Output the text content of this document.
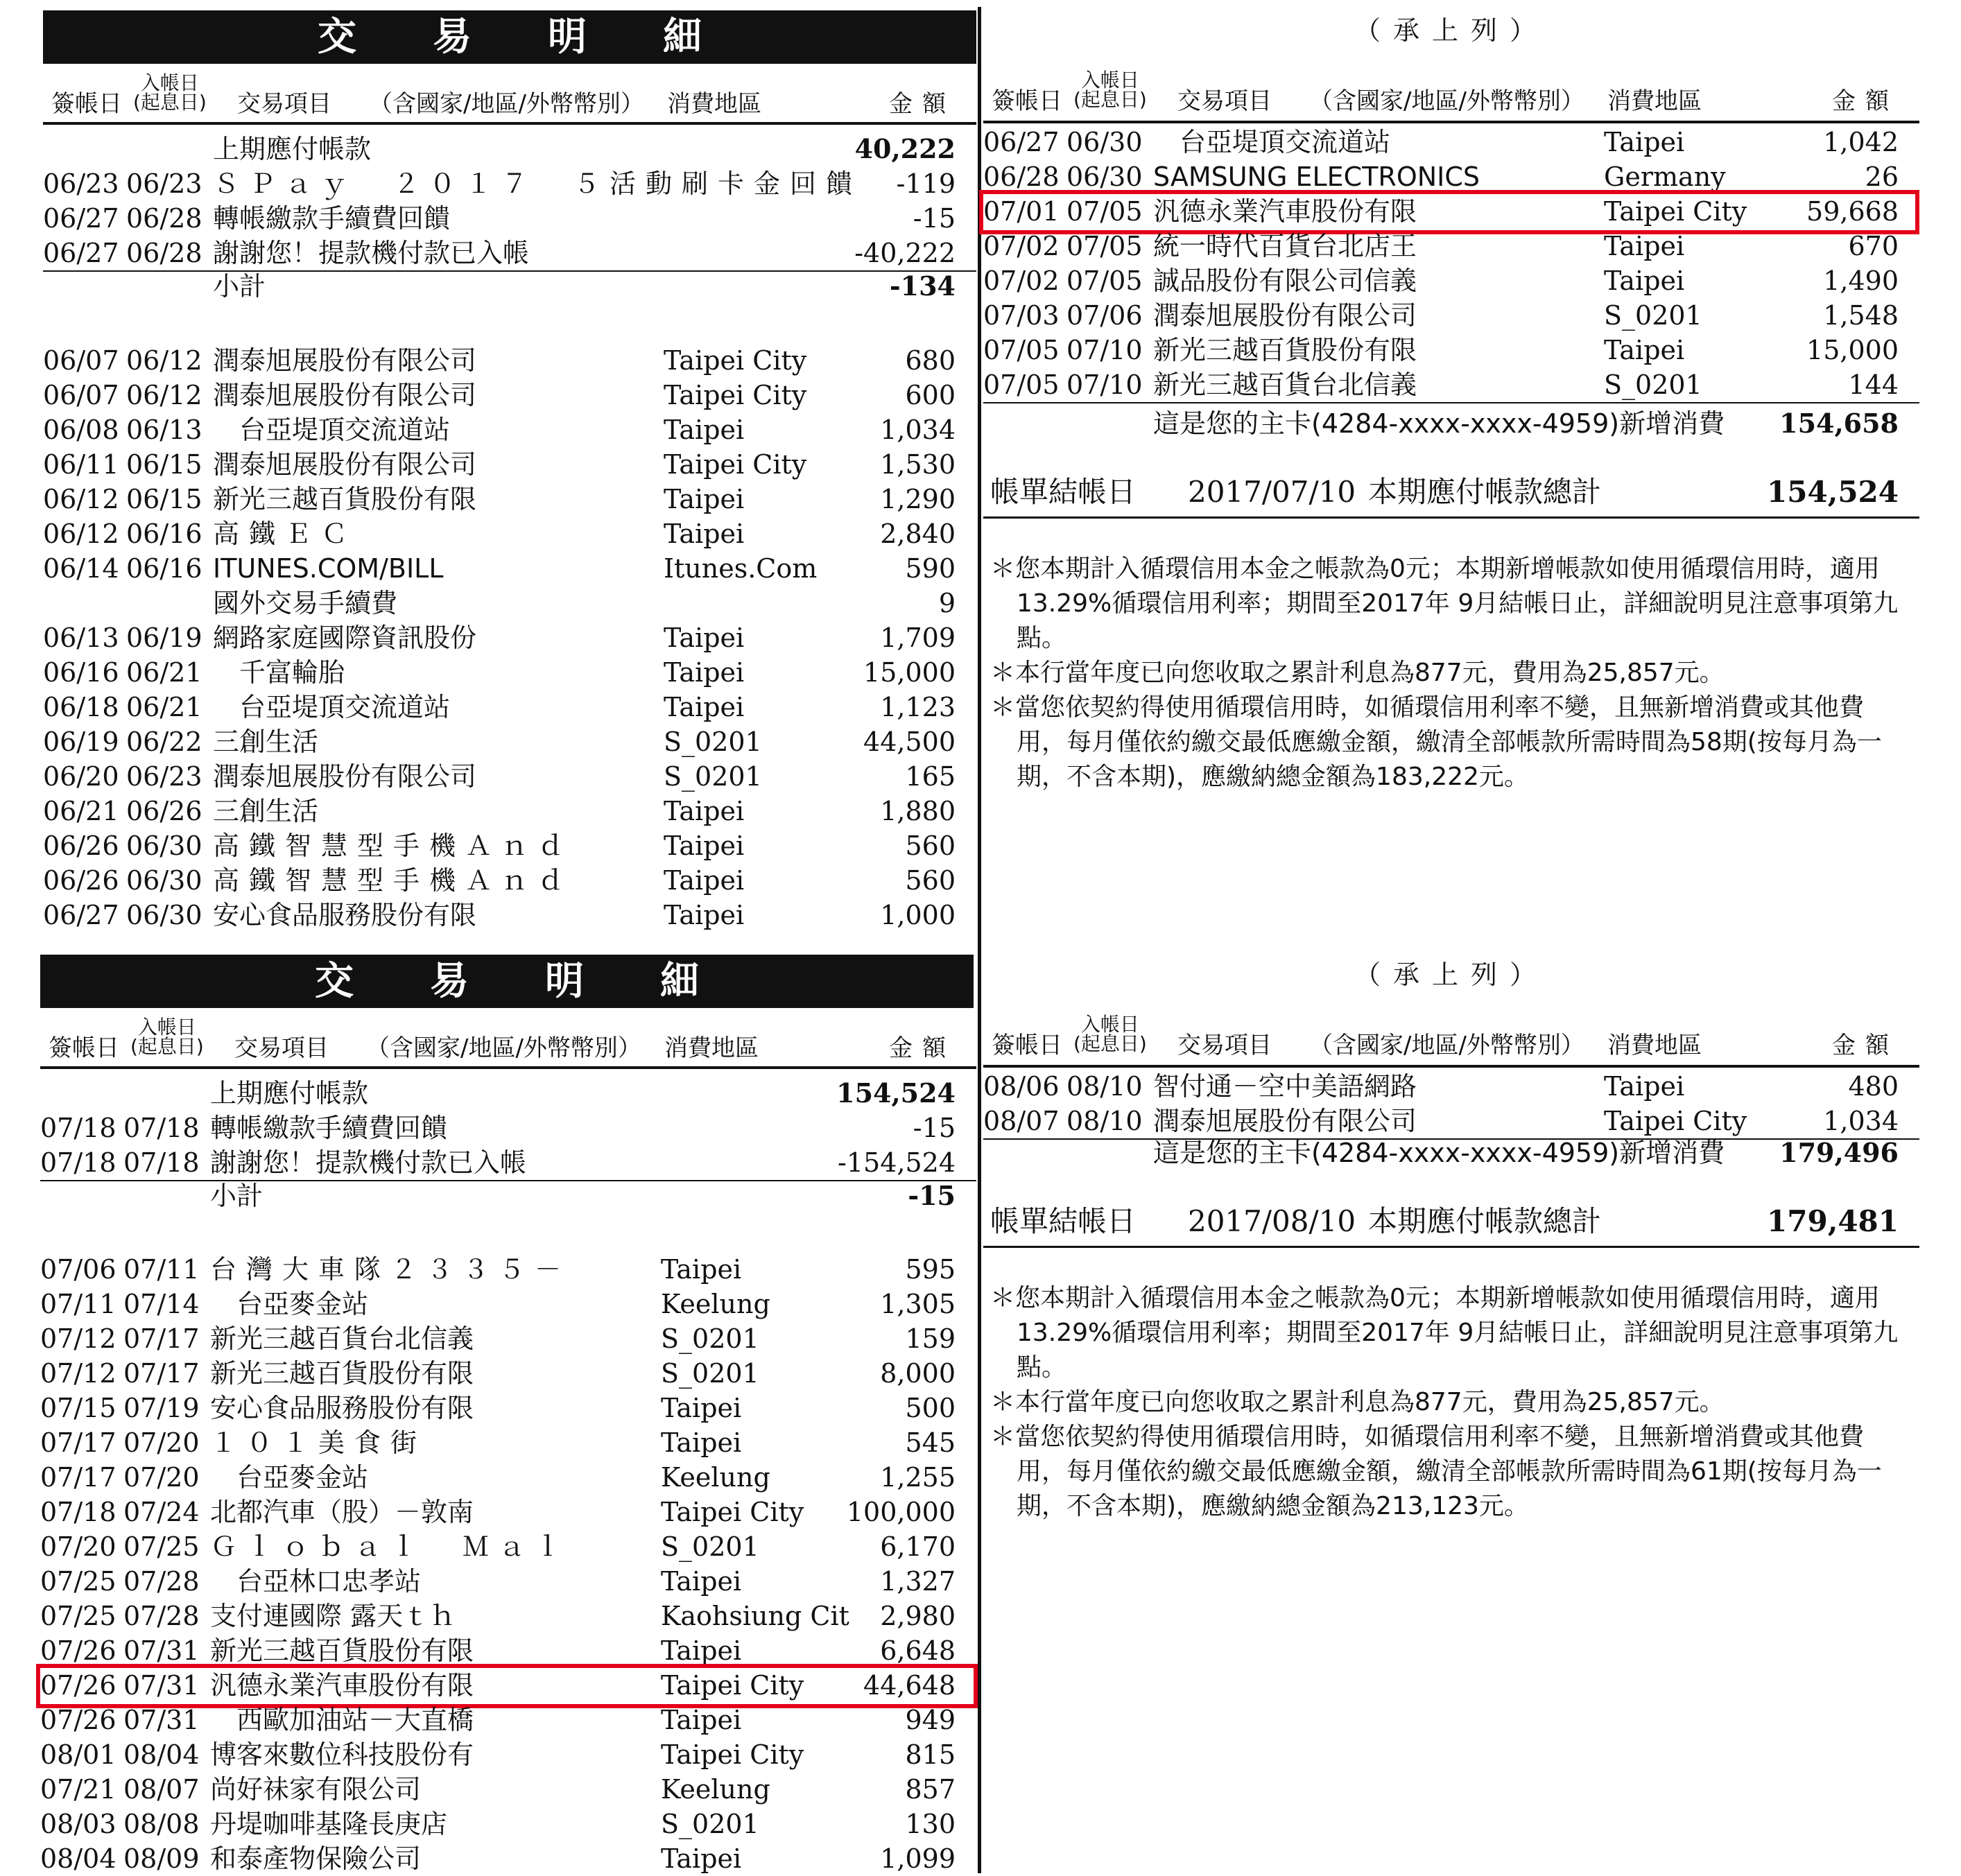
交易明細
簽帳日
入帳日
(起息日) 交易項目 （含國家/地區/外幣幣別） 消費地區	金額
上期應付帳款	40,222
06/23 06/23 ＳＰａｙ　２０１７　５活動刷卡金回饋 -119
06/27 06/28 轉帳繳款手續費回饋	-15
06/27 06/28 謝謝您！提款機付款已入帳	-40,222
小計	-134
06/07 06/12 潤泰旭展股份有限公司	Taipei City	680
06/07 06/12 潤泰旭展股份有限公司	Taipei City	600
06/08 06/13 　台亞堤頂交流道站	Taipei	1,034
06/11 06/15 潤泰旭展股份有限公司	Taipei City	1,530
06/12 06/15 新光三越百貨股份有限	Taipei	1,290
06/12 06/16 高鐵ＥＣ	Taipei	2,840
06/14 06/16 ITUNES.COM/BILL	Itunes.Com	590
國外交易手續費	9
06/13 06/19 網路家庭國際資訊股份	Taipei	1,709
06/16 06/21 　千富輪胎	Taipei	15,000
06/18 06/21 　台亞堤頂交流道站	Taipei	1,123
06/19 06/22 三創生活	S_0201	44,500
06/20 06/23 潤泰旭展股份有限公司	S_0201	165
06/21 06/26 三創生活	Taipei	1,880
06/26 06/30 高鐵智慧型手機Ａｎｄ	Taipei	560
06/26 06/30 高鐵智慧型手機Ａｎｄ	Taipei	560
06/27 06/30 安心食品服務股份有限	Taipei	1,000
（承上列）
簽帳日
入帳日
(起息日) 交易項目 （含國家/地區/外幣幣別） 消費地區	金額
06/27 06/30 　台亞堤頂交流道站	Taipei	1,042
06/28 06/30 SAMSUNG ELECTRONICS	Germany	26
07/01 07/05 汎德永業汽車股份有限	Taipei City 59,668
07/02 07/05 統一時代百貨台北店王	Taipei	670
07/02 07/05 誠品股份有限公司信義	Taipei	1,490
07/03 07/06 潤泰旭展股份有限公司	S_0201	1,548
07/05 07/10 新光三越百貨股份有限	Taipei	15,000
07/05 07/10 新光三越百貨台北信義	S_0201	144
這是您的主卡(4284-xxxx-xxxx-4959)新增消費 154,658
帳單結帳日 2017/07/10 本期應付帳款總計	154,524

＊您本期計入循環信用本金之帳款為0元；本期新增帳款如使用循環信用時，適用13.29%循環信用利率；期間至2017年 9月結帳日止，詳細說明見注意事項第九點。

＊本行當年度已向您收取之累計利息為877元，費用為25,857元。

＊當您依契約得使用循環信用時，如循環信用利率不變，且無新增消費或其他費用，每月僅依約繳交最低應繳金額，繳清全部帳款所需時間為58期(按每月為一期，不含本期)，應繳納總金額為183,222元。

交易明細
簽帳日
入帳日
(起息日) 交易項目 （含國家/地區/外幣幣別） 消費地區	金額
上期應付帳款	154,524
07/18 07/18 轉帳繳款手續費回饋	-15
07/18 07/18 謝謝您！提款機付款已入帳	-154,524
小計	-15
07/06 07/11 台灣大車隊２３３５－	Taipei	595
07/11 07/14 　台亞麥金站	Keelung	1,305
07/12 07/17 新光三越百貨台北信義	S_0201	159
07/12 07/17 新光三越百貨股份有限	S_0201	8,000
07/15 07/19 安心食品服務股份有限	Taipei	500
07/17 07/20 １０１美食街	Taipei	545
07/17 07/20 　台亞麥金站	Keelung	1,255
07/18 07/24 北都汽車（股）－敦南	Taipei City 100,000
07/20 07/25 Ｇｌｏｂａｌ　Ｍａｌ	S_0201	6,170
07/25 07/28 　台亞林口忠孝站	Taipei	1,327
07/25 07/28 支付連國際 露天ｔｈ	Kaohsiung Cit 2,980
07/26 07/31 新光三越百貨股份有限	Taipei	6,648
07/26 07/31 汎德永業汽車股份有限	Taipei City 44,648
07/26 07/31 　西歐加油站－大直橋	Taipei	949
08/01 08/04 博客來數位科技股份有	Taipei City	815
07/21 08/07 尚好祙家有限公司	Keelung	857
08/03 08/08 丹堤咖啡基隆長庚店	S_0201	130
08/04 08/09 和泰產物保險公司	Taipei	1,099
（承上列）
簽帳日
入帳日
(起息日) 交易項目 （含國家/地區/外幣幣別） 消費地區	金額
08/06 08/10 智付通－空中美語網路	Taipei	480
08/07 08/10 潤泰旭展股份有限公司	Taipei City	1,034
這是您的主卡(4284-xxxx-xxxx-4959)新增消費 179,496
帳單結帳日 2017/08/10 本期應付帳款總計	179,481

＊您本期計入循環信用本金之帳款為0元；本期新增帳款如使用循環信用時，適用13.29%循環信用利率；期間至2017年 9月結帳日止，詳細說明見注意事項第九點。

＊本行當年度已向您收取之累計利息為877元，費用為25,857元。

＊當您依契約得使用循環信用時，如循環信用利率不變，且無新增消費或其他費用，每月僅依約繳交最低應繳金額，繳清全部帳款所需時間為61期(按每月為一期，不含本期)，應繳納總金額為213,123元。
